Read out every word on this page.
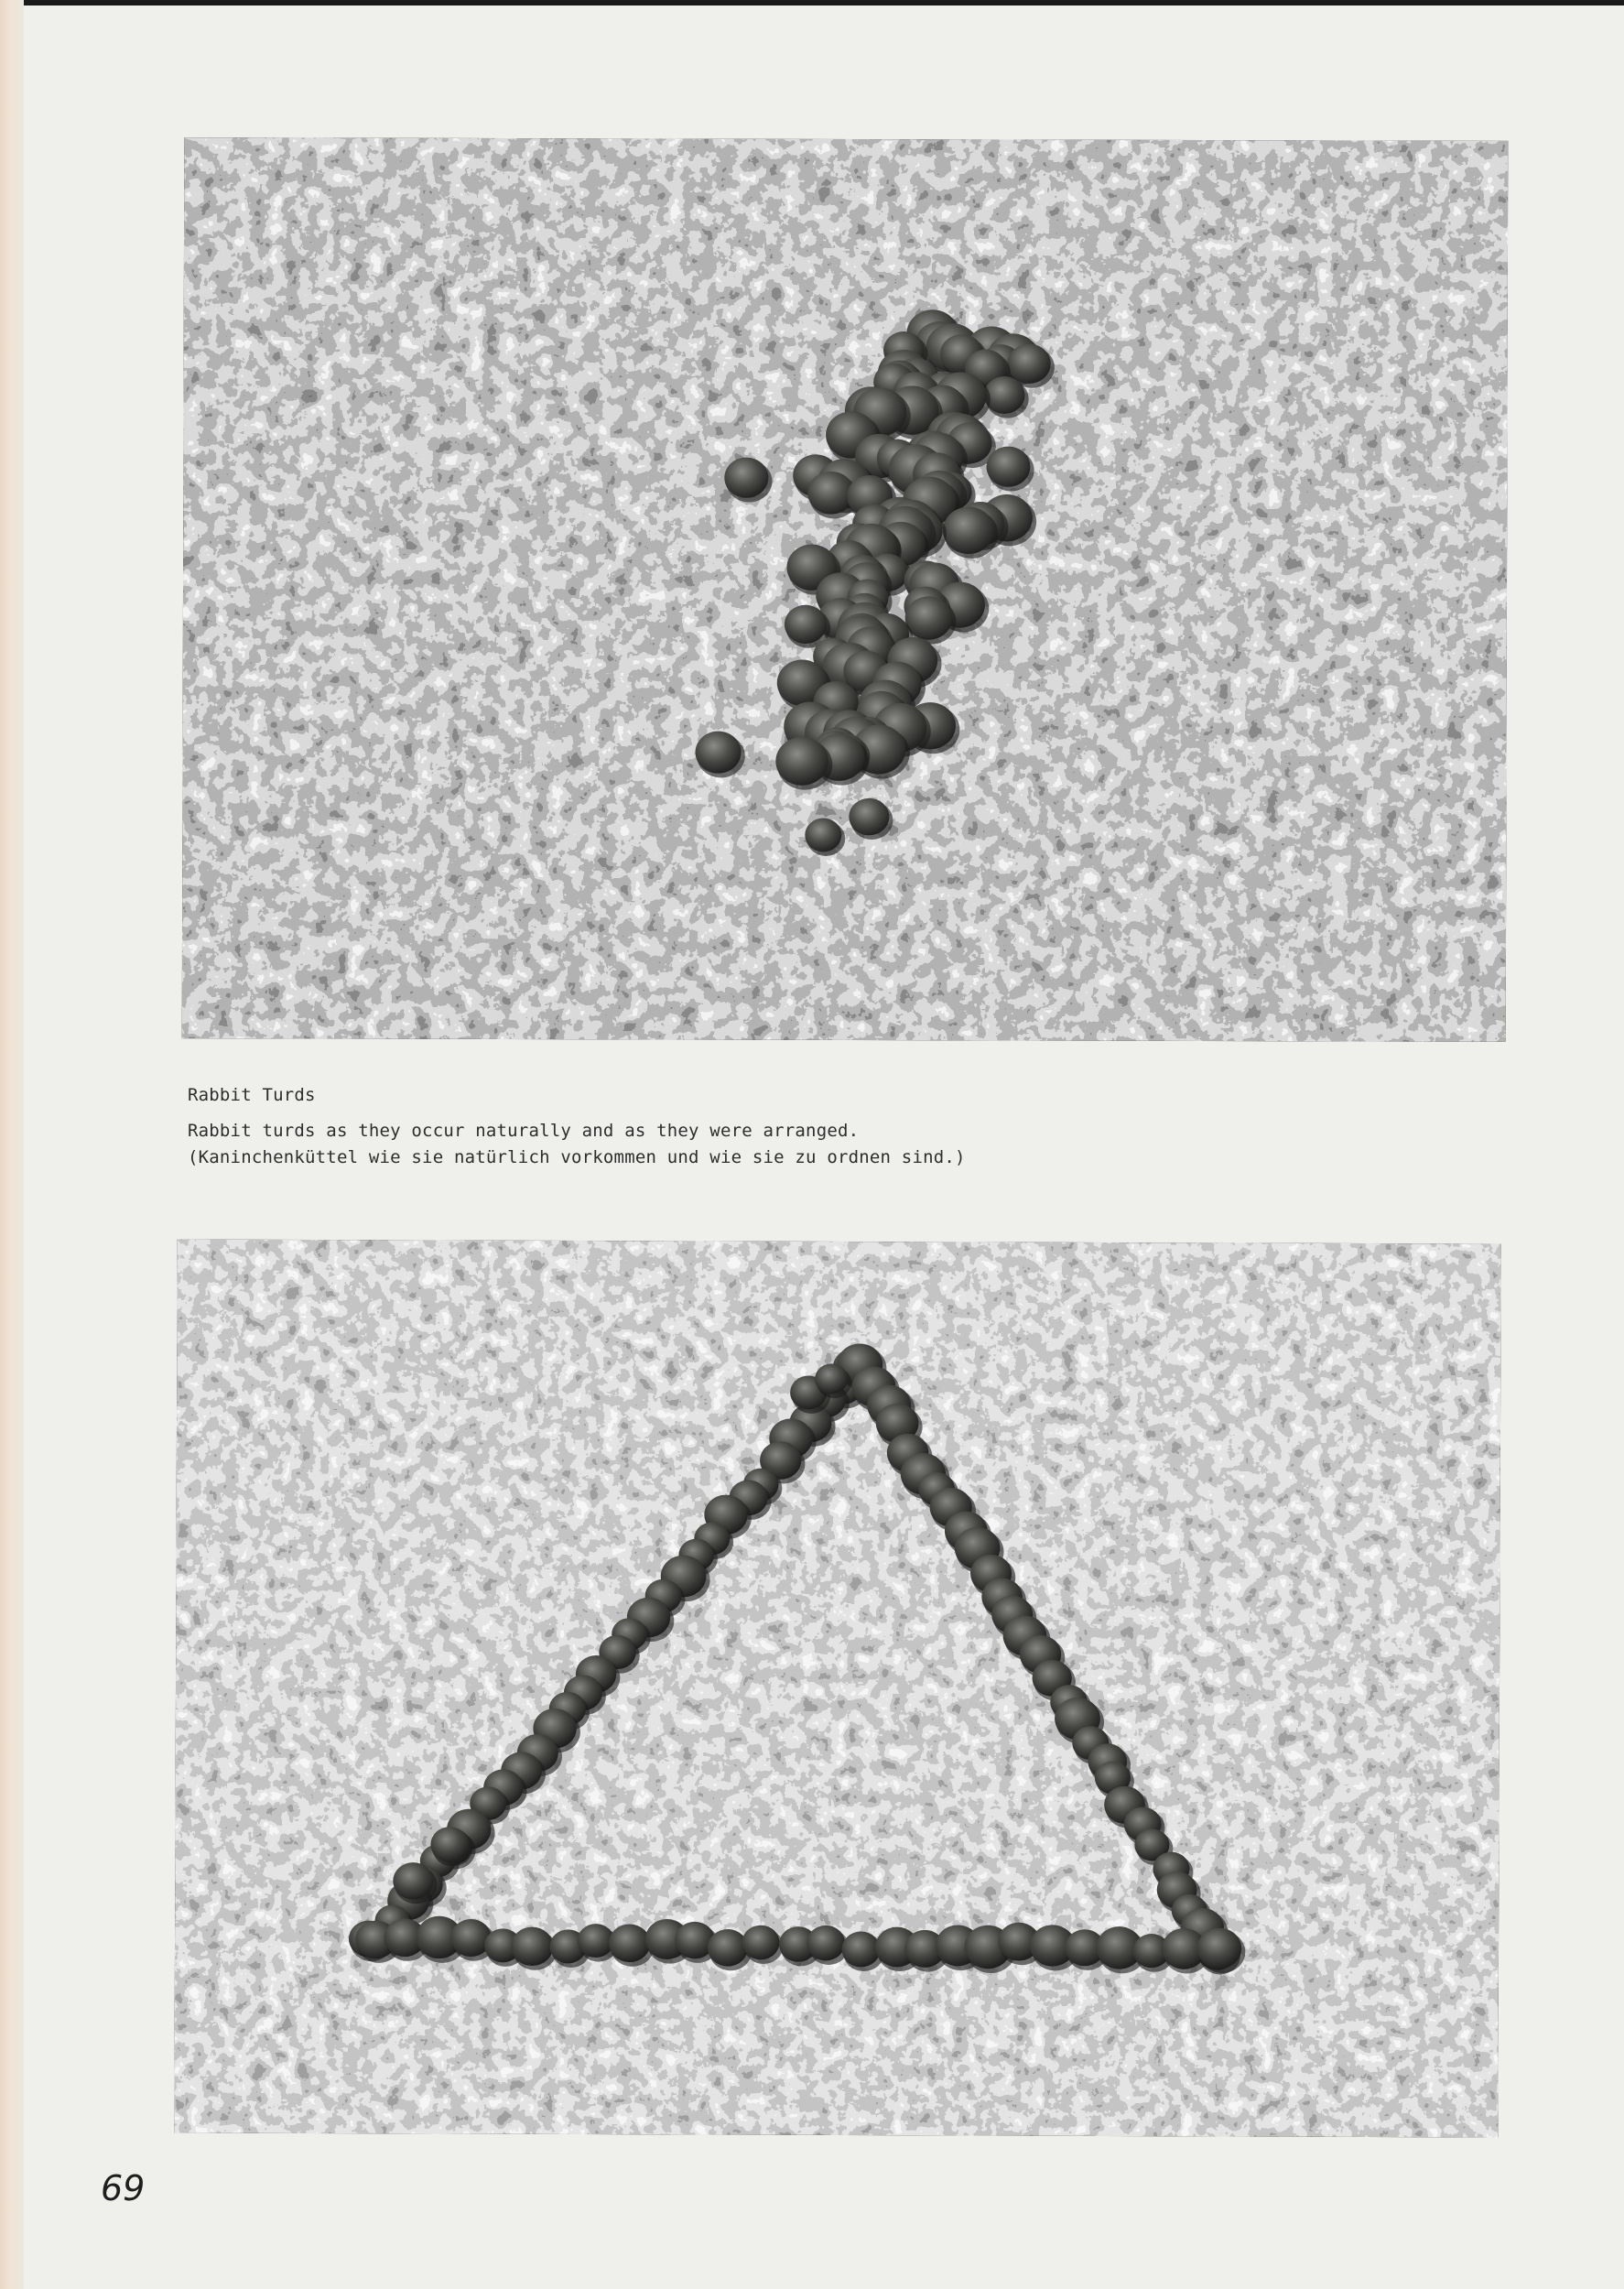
Rabbit Turds
Rabbit turds as they occur naturally and as they were arranged.
(Kaninchenküttel wie sie natürlich vorkommen und wie sie zu ordnen sind.)
69
